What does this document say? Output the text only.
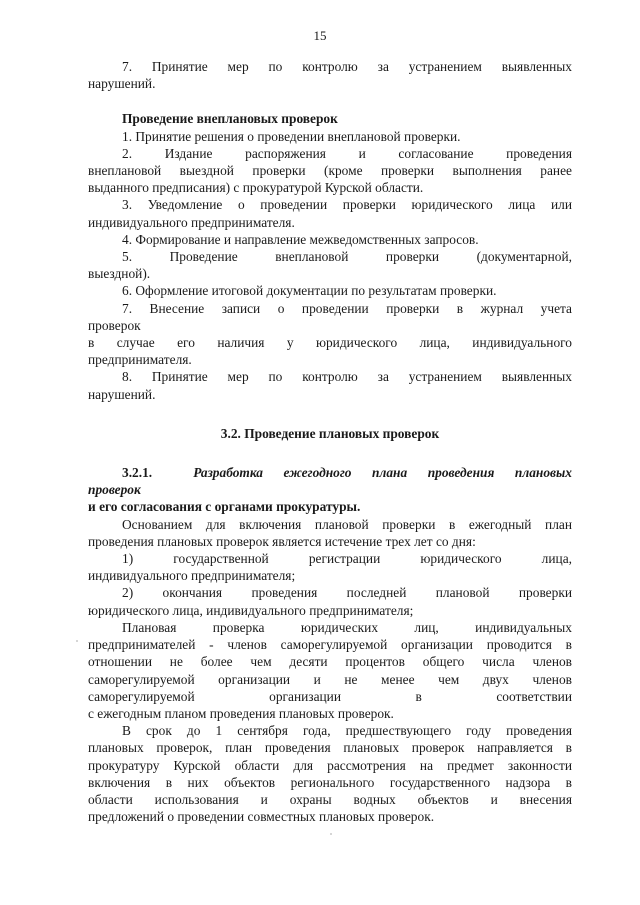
15

7. Принятие мер по контролю за устранением выявленных
нарушений.

Проведение внеплановых проверок

1. Принятие решения о проведении внеплановой проверки.

2. Издание распоряжения и согласование проведения
внеплановой выездной проверки (кроме проверки выполнения ранее
выданного предписания) с прокуратурой Курской области.

3. Уведомление о проведении проверки юридического лица или
индивидуального предпринимателя.

4. Формирование и направление межведомственных запросов.

5. Проведение внеплановой проверки (документарной,
выездной).

6. Оформление итоговой документации по результатам проверки.

7. Внесение записи о проведении проверки в журнал учета
проверок
в случае его наличия у юридического лица, индивидуального
предпринимателя.

8. Принятие мер по контролю за устранением выявленных
нарушений.

3.2. Проведение плановых проверок

3.2.1.	Разработка ежегодного плана проведения плановых
проверок
и его согласования с органами прокуратуры.

Основанием для включения плановой проверки в ежегодный план
проведения плановых проверок является истечение трех лет со дня:

1) государственной регистрации юридического лица,
индивидуального предпринимателя;

2) окончания проведения последней плановой проверки
юридического лица, индивидуального предпринимателя;

Плановая проверка юридических лиц, индивидуальных
предпринимателей - членов саморегулируемой организации проводится в
отношении не более чем десяти процентов общего числа членов
саморегулируемой организации и не менее чем двух членов
саморегулируемой организации в соответствии
с ежегодным планом проведения плановых проверок.

В срок до 1 сентября года, предшествующего году проведения
плановых проверок, план проведения плановых проверок направляется в
прокуратуру Курской области для рассмотрения на предмет законности
включения в них объектов регионального государственного надзора в
области использования и охраны водных объектов и внесения
предложений о проведении совместных плановых проверок.
